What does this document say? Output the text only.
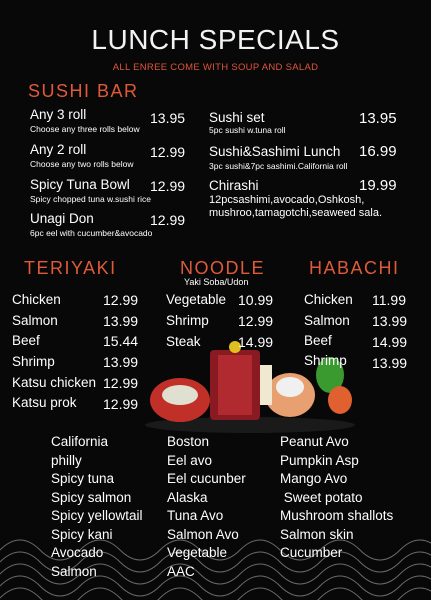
LUNCH SPECIALS
ALL ENREE COME WITH SOUP AND SALAD
SUSHI BAR
Any 3 roll
Choose any three rolls below
13.95
Any 2 roll
Choose any two rolls below
12.99
Spicy Tuna Bowl
Spicy chopped tuna w.sushi rice
12.99
Unagi Don
6pc eel with cucumber&avocado
12.99
Sushi set
5pc sushi w.tuna roll
13.95
Sushi&Sashimi Lunch
3pc sushi&7pc sashimi.California roll
16.99
Chirashi
12pcsashimi,avocado,Oshkosh,
mushroo,tamagotchi,seaweed sala.
19.99
TERIYAKI
Chicken	12.99
Salmon	13.99
Beef	15.44
Shrimp	13.99
Katsu chicken 12.99
Katsu prok 12.99
NOODLE
Yaki Soba/Udon
Vegetable 10.99
Shrimp 12.99
Steak	14.99
HABACHI
Chicken 11.99
Salmon 13.99
Beef	14.99
Shrimp 13.99
California
philly
Spicy tuna
Spicy salmon
Spicy yellowtail
Spicy kani
Avocado
Salmon
Boston
Eel avo
Eel cucunber
Alaska
Tuna Avo
Salmon Avo
Vegetable
AAC
Peanut Avo
Pumpkin Asp
Mango Avo
Sweet potato
Mushroom shallots
Salmon skin
Cucumber
